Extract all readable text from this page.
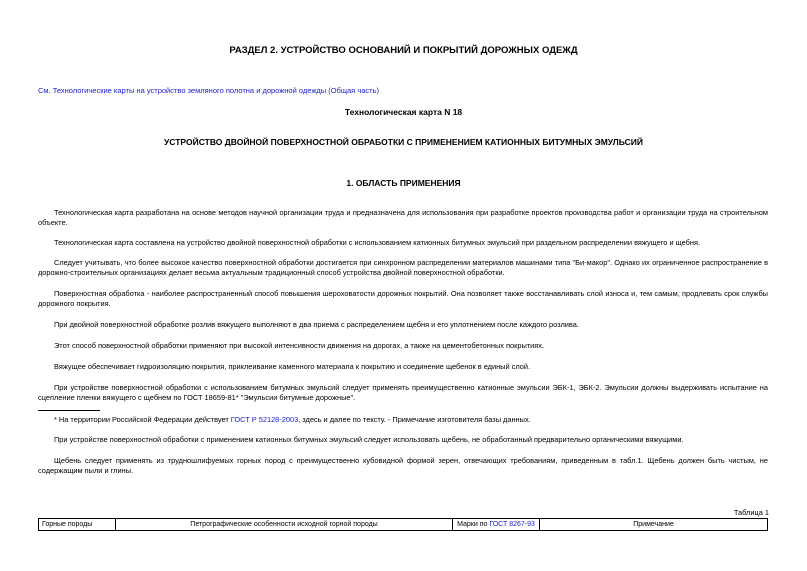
РАЗДЕЛ 2. УСТРОЙСТВО ОСНОВАНИЙ И ПОКРЫТИЙ ДОРОЖНЫХ ОДЕЖД
См. Технологические карты на устройство земляного полотна и дорожной одежды (Общая часть)
Технологическая карта N 18
УСТРОЙСТВО ДВОЙНОЙ ПОВЕРХНОСТНОЙ ОБРАБОТКИ С ПРИМЕНЕНИЕМ КАТИОННЫХ БИТУМНЫХ ЭМУЛЬСИЙ
1. ОБЛАСТЬ ПРИМЕНЕНИЯ
Технологическая карта разработана на основе методов научной организации труда и предназначена для использования при разработке проектов производства работ и организации труда на строительном объекте.
Технологическая карта составлена на устройство двойной поверхностной обработки с использованием катионных битумных эмульсий при раздельном распределении вяжущего и щебня.
Следует учитывать, что более высокое качество поверхностной обработки достигается при синхронном распределении материалов машинами типа "Би-макор". Однако их ограниченное распространение в дорожно-строительных организациях делает весьма актуальным традиционный способ устройства двойной поверхностной обработки.
Поверхностная обработка - наиболее распространенный способ повышения шероховатости дорожных покрытий. Она позволяет также восстанавливать слой износа и, тем самым, продлевать срок службы дорожного покрытия.
При двойной поверхностной обработке розлив вяжущего выполняют в два приема с распределением щебня и его уплотнением после каждого розлива.
Этот способ поверхностной обработки применяют при высокой интенсивности движения на дорогах, а также на цементобетонных покрытиях.
Вяжущее обеспечивает гидроизоляцию покрытия, приклеивание каменного материала к покрытию и соединение щебенок в единый слой.
При устройстве поверхностной обработки с использованием битумных эмульсий следует применять преимущественно катионные эмульсии ЭБК-1, ЭБК-2. Эмульсии должны выдерживать испытание на сцепление пленки вяжущего с щебнем по ГОСТ 18659-81* "Эмульсии битумные дорожные".
* На территории Российской Федерации действует ГОСТ Р 52128-2003, здесь и далее по тексту. - Примечание изготовителя базы данных.
При устройстве поверхностной обработки с применением катионных битумных эмульсий следует использовать щебень, не обработанный предварительно органическими вяжущими.
Щебень следует применять из трудношлифуемых горных пород с преимущественно кубовидной формой зерен, отвечающих требованиям, приведенным в табл.1. Щебень должен быть чистым, не содержащим пыли и глины.
Таблица 1
Горные породы	Петрографические особенности исходной горной породы	Марки по ГОСТ 8267-93	Примечание
